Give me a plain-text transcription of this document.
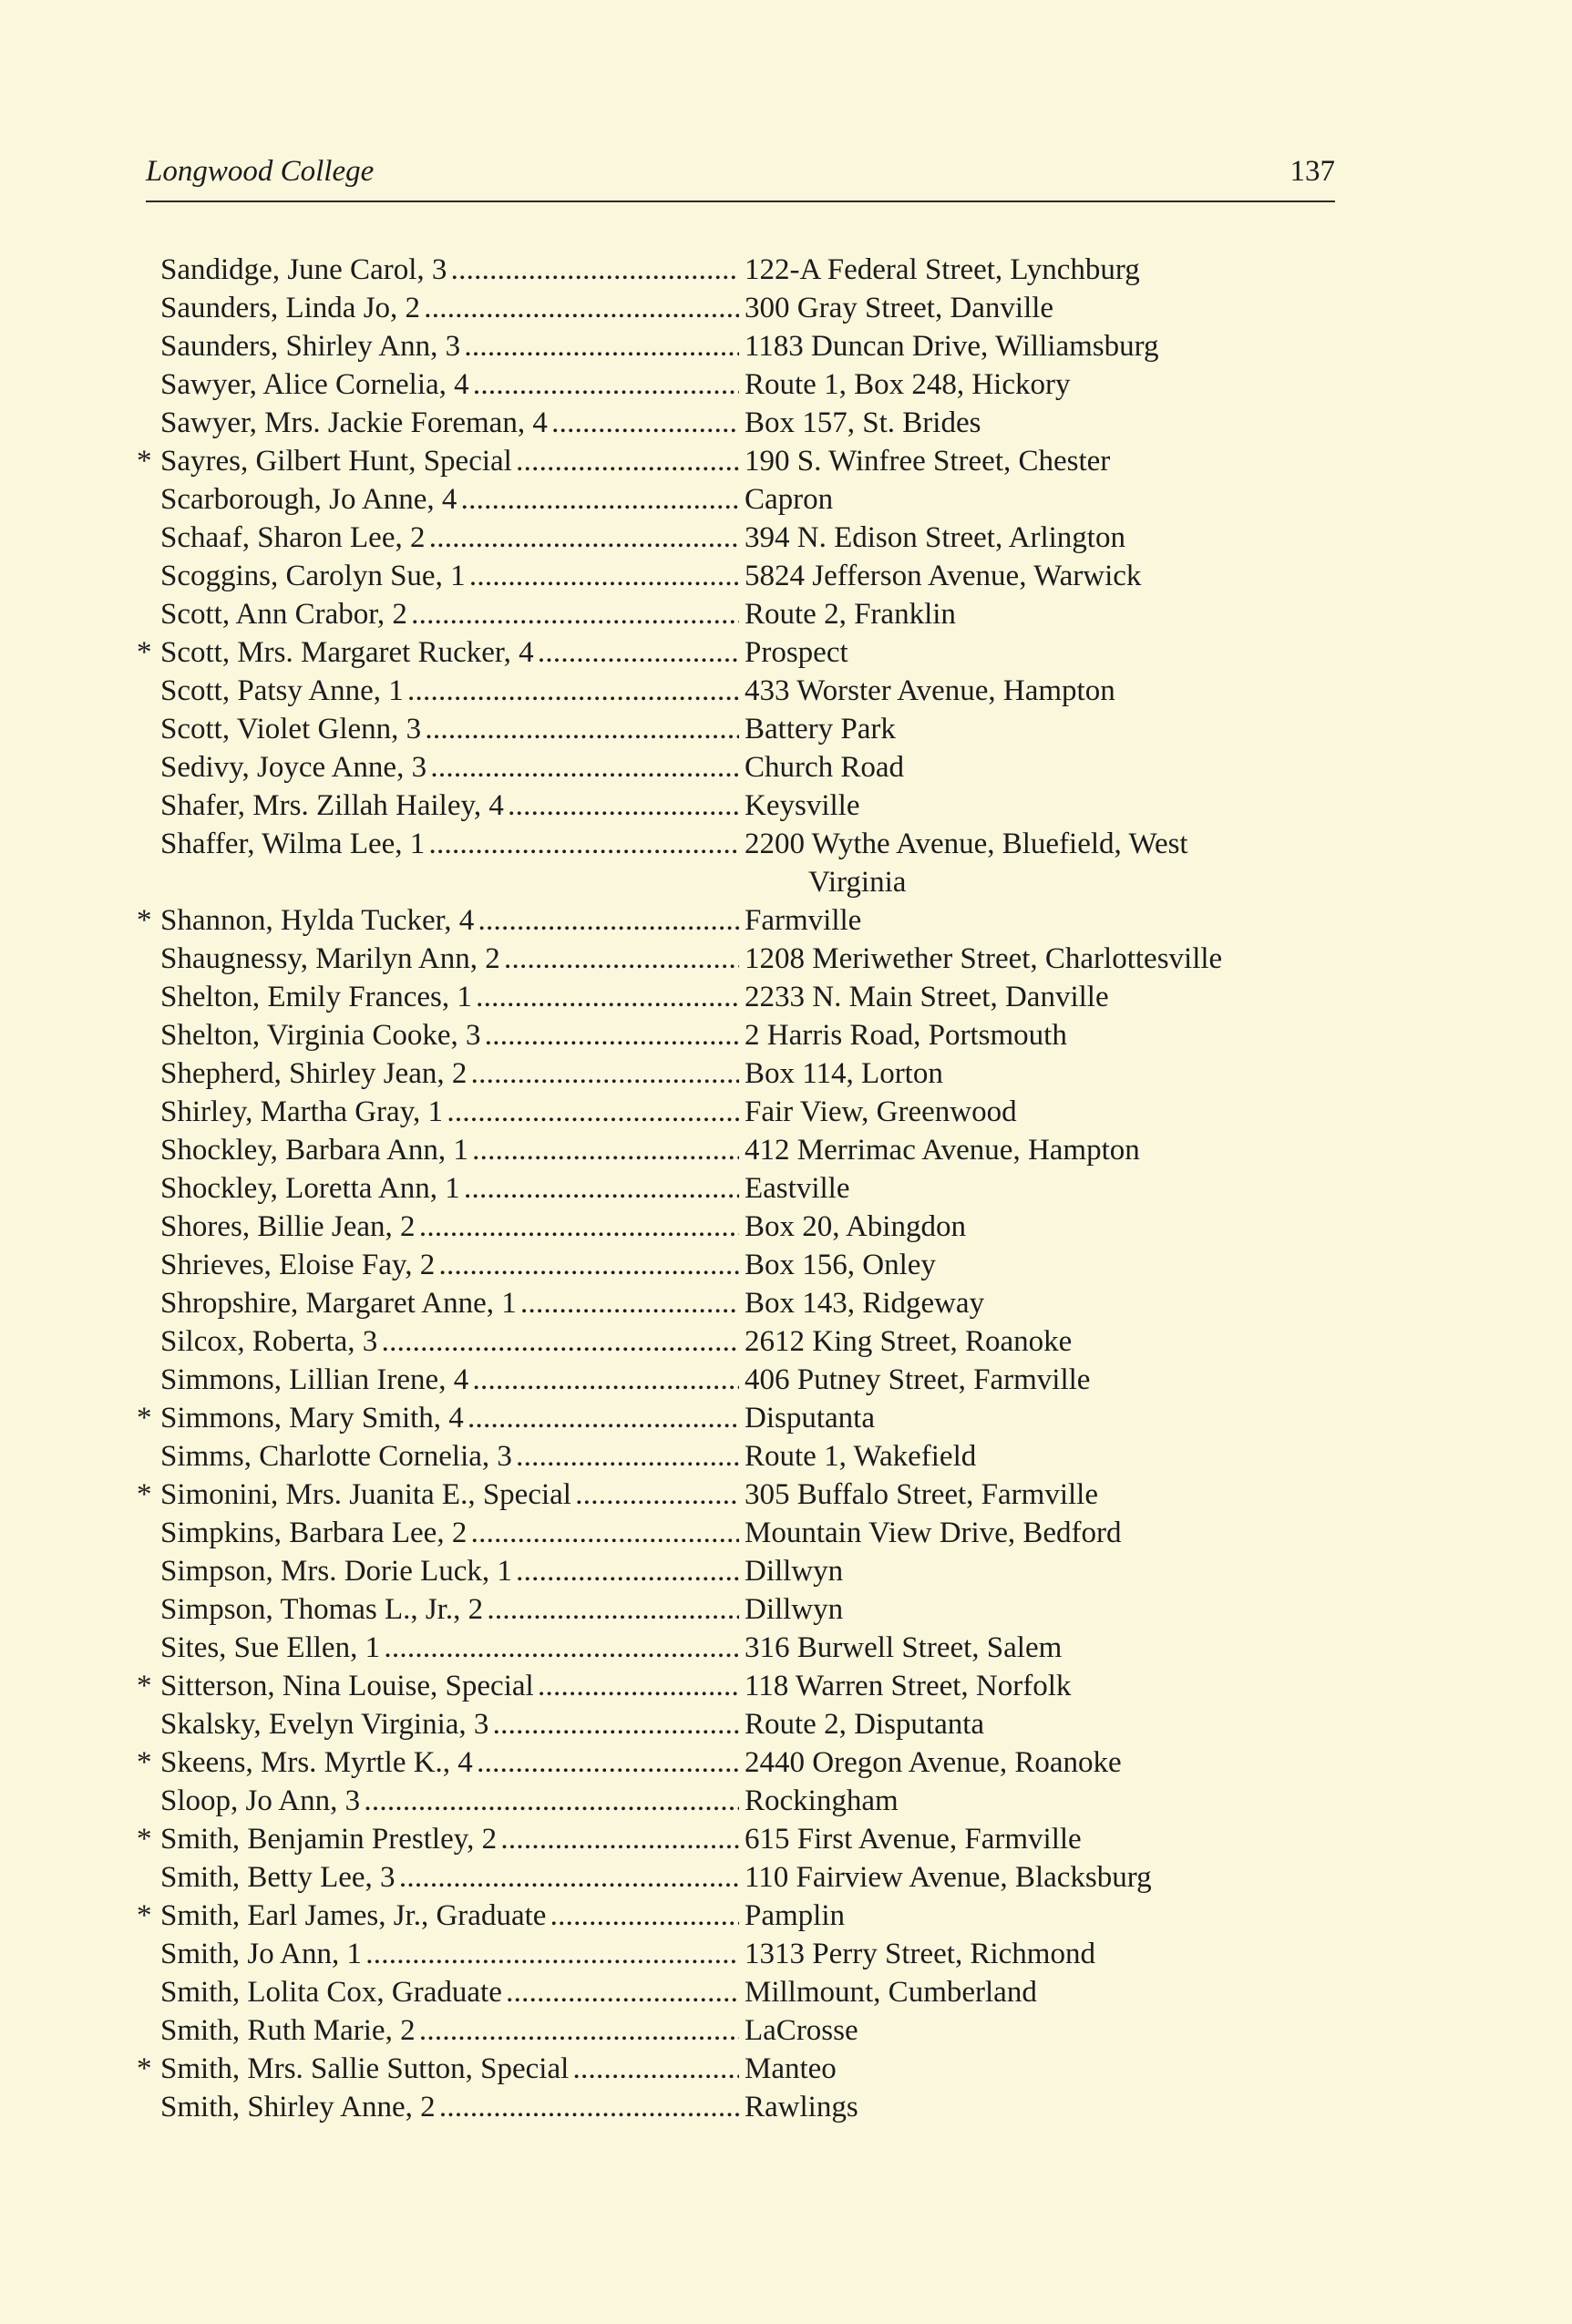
Longwood College	137
Sandidge, June Carol, 3 . . .	122-A Federal Street, Lynchburg
Saunders, Linda Jo, 2 . . .	300 Gray Street, Danville
Saunders, Shirley Ann, 3 . . .	1183 Duncan Drive, Williamsburg
Sawyer, Alice Cornelia, 4 . . .	Route 1, Box 248, Hickory
Sawyer, Mrs. Jackie Foreman, 4 . . .	Box 157, St. Brides
* Sayres, Gilbert Hunt, Special . . .	190 S. Winfree Street, Chester
Scarborough, Jo Anne, 4 . . .	Capron
Schaaf, Sharon Lee, 2 . . .	394 N. Edison Street, Arlington
Scoggins, Carolyn Sue, 1 . . .	5824 Jefferson Avenue, Warwick
Scott, Ann Crabor, 2 . . .	Route 2, Franklin
* Scott, Mrs. Margaret Rucker, 4 . . .	Prospect
Scott, Patsy Anne, 1 . . .	433 Worster Avenue, Hampton
Scott, Violet Glenn, 3 . . .	Battery Park
Sedivy, Joyce Anne, 3 . . .	Church Road
Shafer, Mrs. Zillah Hailey, 4 . . .	Keysville
Shaffer, Wilma Lee, 1 . . .	2200 Wythe Avenue, Bluefield, West
Virginia
* Shannon, Hylda Tucker, 4 . . .	Farmville
Shaugnessy, Marilyn Ann, 2 . . .	1208 Meriwether Street, Charlottesville
Shelton, Emily Frances, 1 . . .	2233 N. Main Street, Danville
Shelton, Virginia Cooke, 3 . . .	2 Harris Road, Portsmouth
Shepherd, Shirley Jean, 2 . . .	Box 114, Lorton
Shirley, Martha Gray, 1 . . .	Fair View, Greenwood
Shockley, Barbara Ann, 1 . . .	412 Merrimac Avenue, Hampton
Shockley, Loretta Ann, 1 . . .	Eastville
Shores, Billie Jean, 2 . . .	Box 20, Abingdon
Shrieves, Eloise Fay, 2 . . .	Box 156, Onley
Shropshire, Margaret Anne, 1 . . .	Box 143, Ridgeway
Silcox, Roberta, 3 . . .	2612 King Street, Roanoke
Simmons, Lillian Irene, 4 . . .	406 Putney Street, Farmville
* Simmons, Mary Smith, 4 . . .	Disputanta
Simms, Charlotte Cornelia, 3 . . .	Route 1, Wakefield
* Simonini, Mrs. Juanita E., Special . . .	305 Buffalo Street, Farmville
Simpkins, Barbara Lee, 2 . . .	Mountain View Drive, Bedford
Simpson, Mrs. Dorie Luck, 1 . . .	Dillwyn
Simpson, Thomas L., Jr., 2 . . .	Dillwyn
Sites, Sue Ellen, 1 . . .	316 Burwell Street, Salem
* Sitterson, Nina Louise, Special . . .	118 Warren Street, Norfolk
Skalsky, Evelyn Virginia, 3 . . .	Route 2, Disputanta
* Skeens, Mrs. Myrtle K., 4 . . .	2440 Oregon Avenue, Roanoke
Sloop, Jo Ann, 3 . . .	Rockingham
* Smith, Benjamin Prestley, 2 . . .	615 First Avenue, Farmville
Smith, Betty Lee, 3 . . .	110 Fairview Avenue, Blacksburg
* Smith, Earl James, Jr., Graduate . . .	Pamplin
Smith, Jo Ann, 1 . . .	1313 Perry Street, Richmond
Smith, Lolita Cox, Graduate . . .	Millmount, Cumberland
Smith, Ruth Marie, 2 . . .	LaCrosse
* Smith, Mrs. Sallie Sutton, Special . . .	Manteo
Smith, Shirley Anne, 2 . . .	Rawlings
